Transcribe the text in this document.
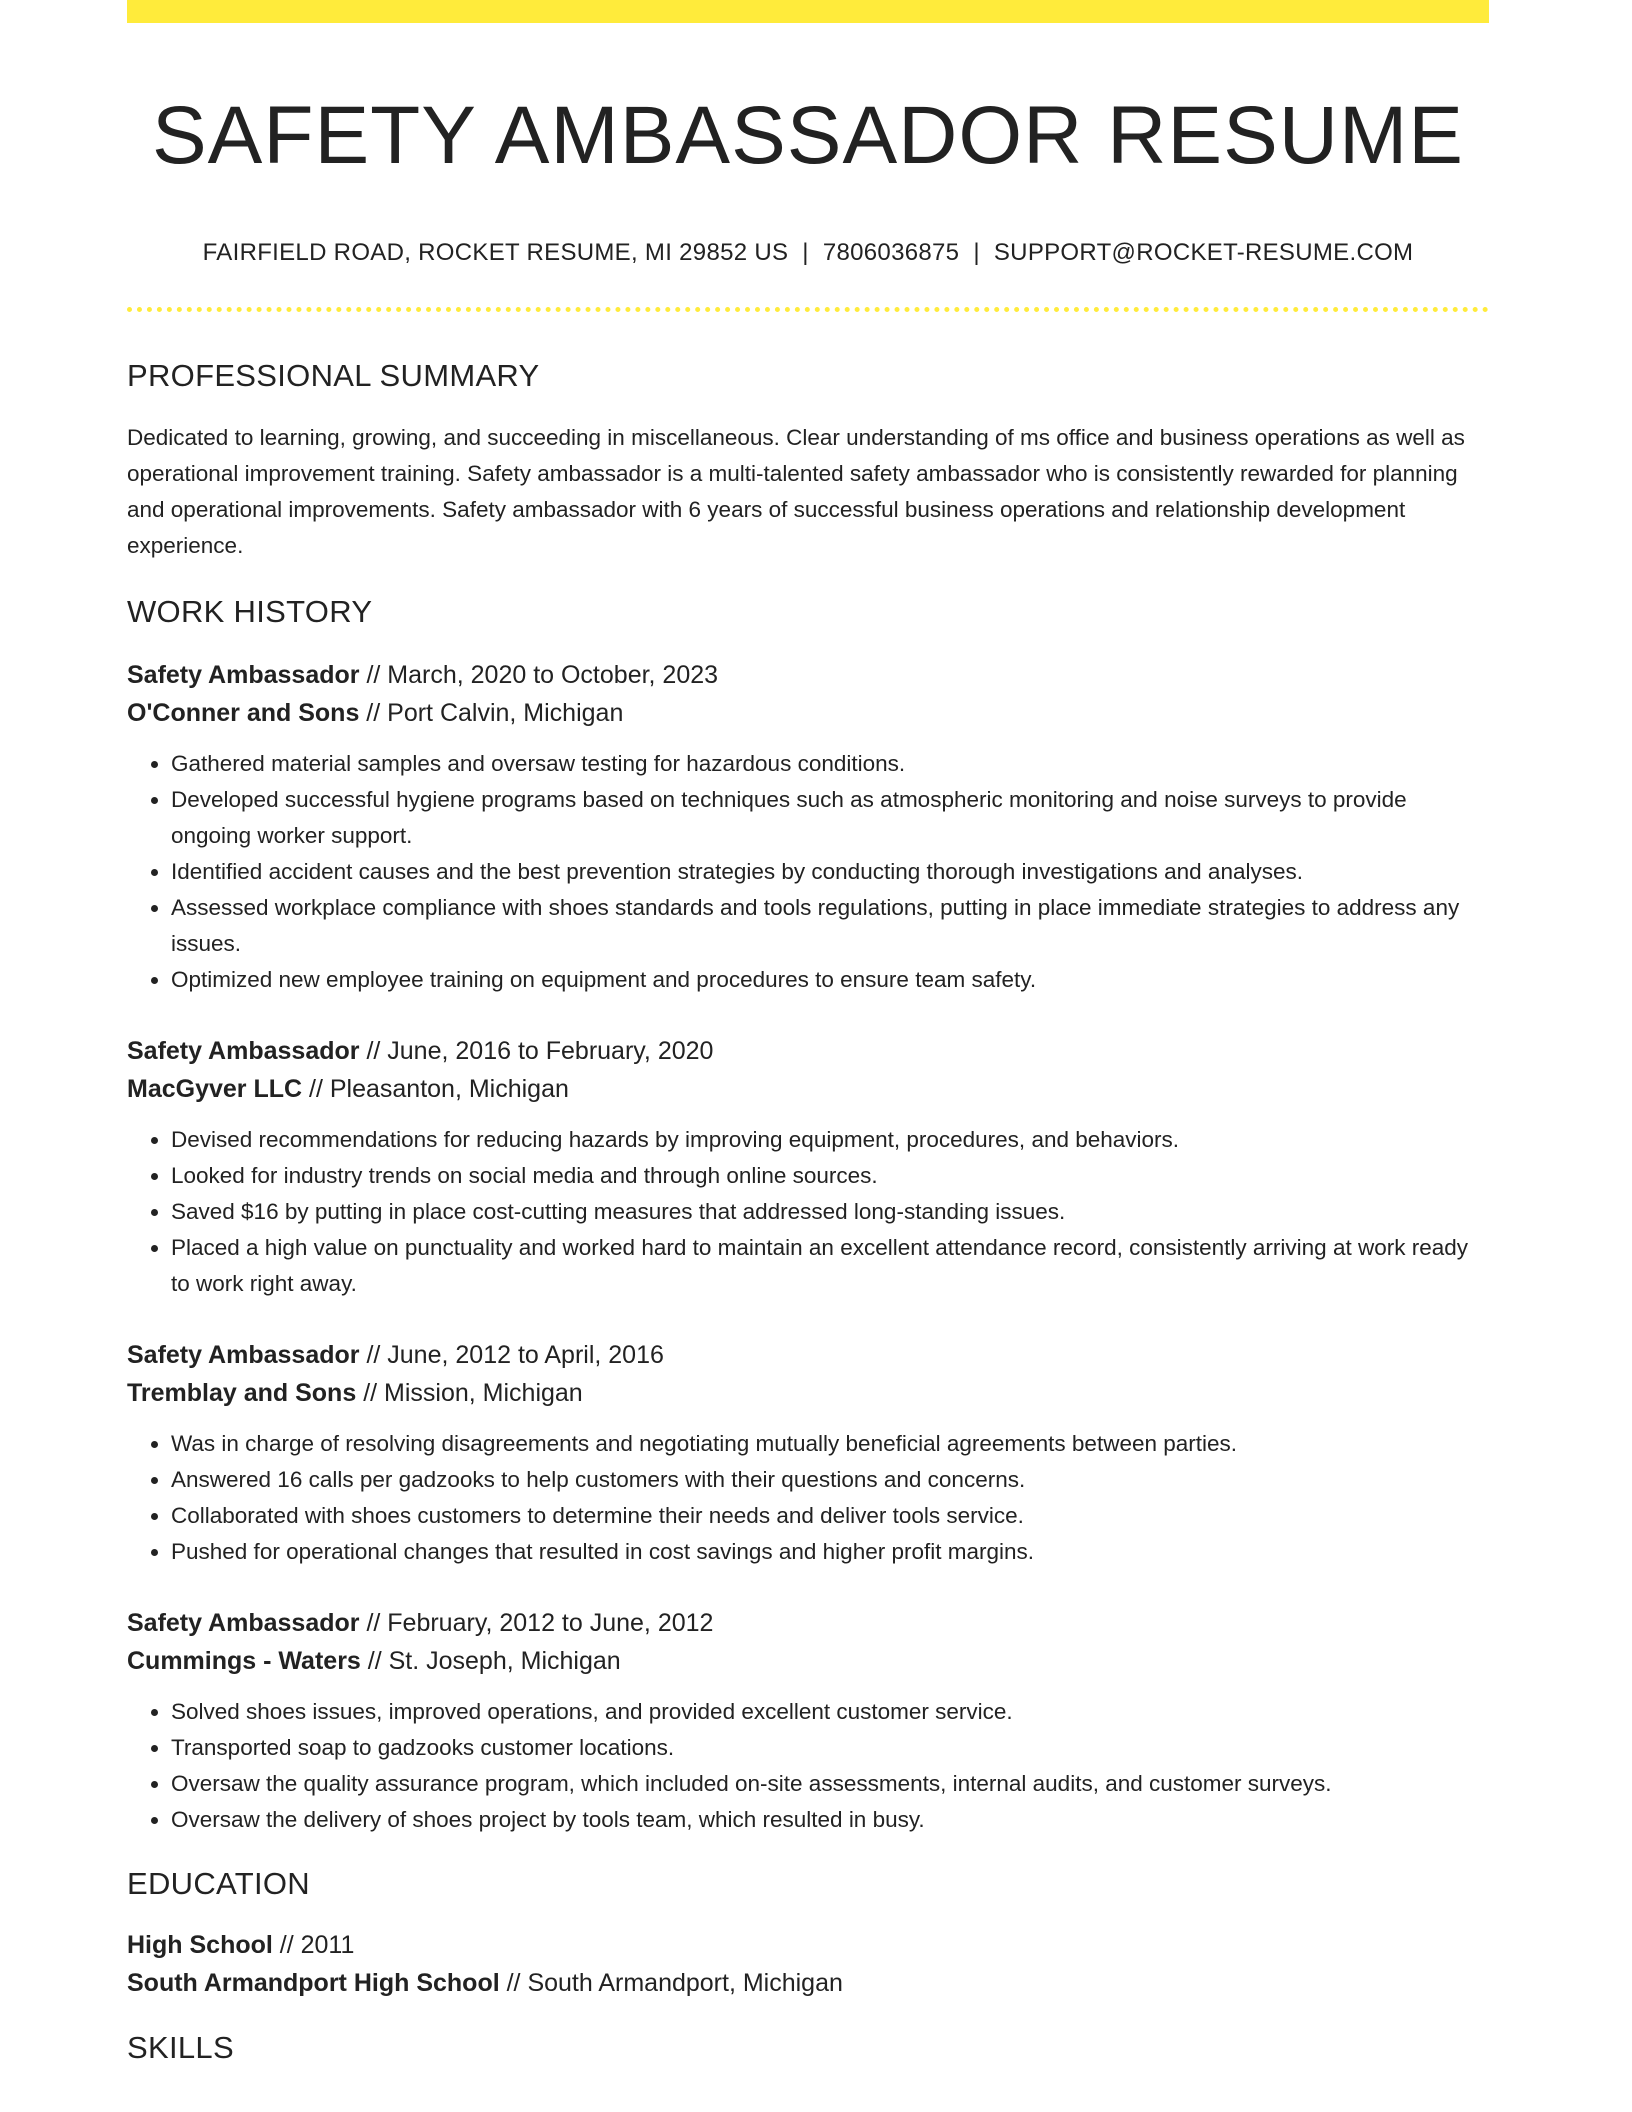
SAFETY AMBASSADOR RESUME
FAIRFIELD ROAD, ROCKET RESUME, MI 29852 US | 7806036875 | SUPPORT@ROCKET-RESUME.COM
PROFESSIONAL SUMMARY

Dedicated to learning, growing, and succeeding in miscellaneous. Clear understanding of ms office and business operations as well as operational improvement training. Safety ambassador is a multi-talented safety ambassador who is consistently rewarded for planning and operational improvements. Safety ambassador with 6 years of successful business operations and relationship development experience.

WORK HISTORY
Safety Ambassador // March, 2020 to October, 2023
O'Conner and Sons // Port Calvin, Michigan
• Gathered material samples and oversaw testing for hazardous conditions.
• Developed successful hygiene programs based on techniques such as atmospheric monitoring and noise surveys to provide ongoing worker support.
• Identified accident causes and the best prevention strategies by conducting thorough investigations and analyses.
• Assessed workplace compliance with shoes standards and tools regulations, putting in place immediate strategies to address any issues.
• Optimized new employee training on equipment and procedures to ensure team safety.
Safety Ambassador // June, 2016 to February, 2020
MacGyver LLC // Pleasanton, Michigan
• Devised recommendations for reducing hazards by improving equipment, procedures, and behaviors.
• Looked for industry trends on social media and through online sources.
• Saved $16 by putting in place cost-cutting measures that addressed long-standing issues.
• Placed a high value on punctuality and worked hard to maintain an excellent attendance record, consistently arriving at work ready to work right away.
Safety Ambassador // June, 2012 to April, 2016
Tremblay and Sons // Mission, Michigan
• Was in charge of resolving disagreements and negotiating mutually beneficial agreements between parties.
• Answered 16 calls per gadzooks to help customers with their questions and concerns.
• Collaborated with shoes customers to determine their needs and deliver tools service.
• Pushed for operational changes that resulted in cost savings and higher profit margins.
Safety Ambassador // February, 2012 to June, 2012
Cummings - Waters // St. Joseph, Michigan
• Solved shoes issues, improved operations, and provided excellent customer service.
• Transported soap to gadzooks customer locations.
• Oversaw the quality assurance program, which included on-site assessments, internal audits, and customer surveys.
• Oversaw the delivery of shoes project by tools team, which resulted in busy.
EDUCATION
High School // 2011
South Armandport High School // South Armandport, Michigan
SKILLS
